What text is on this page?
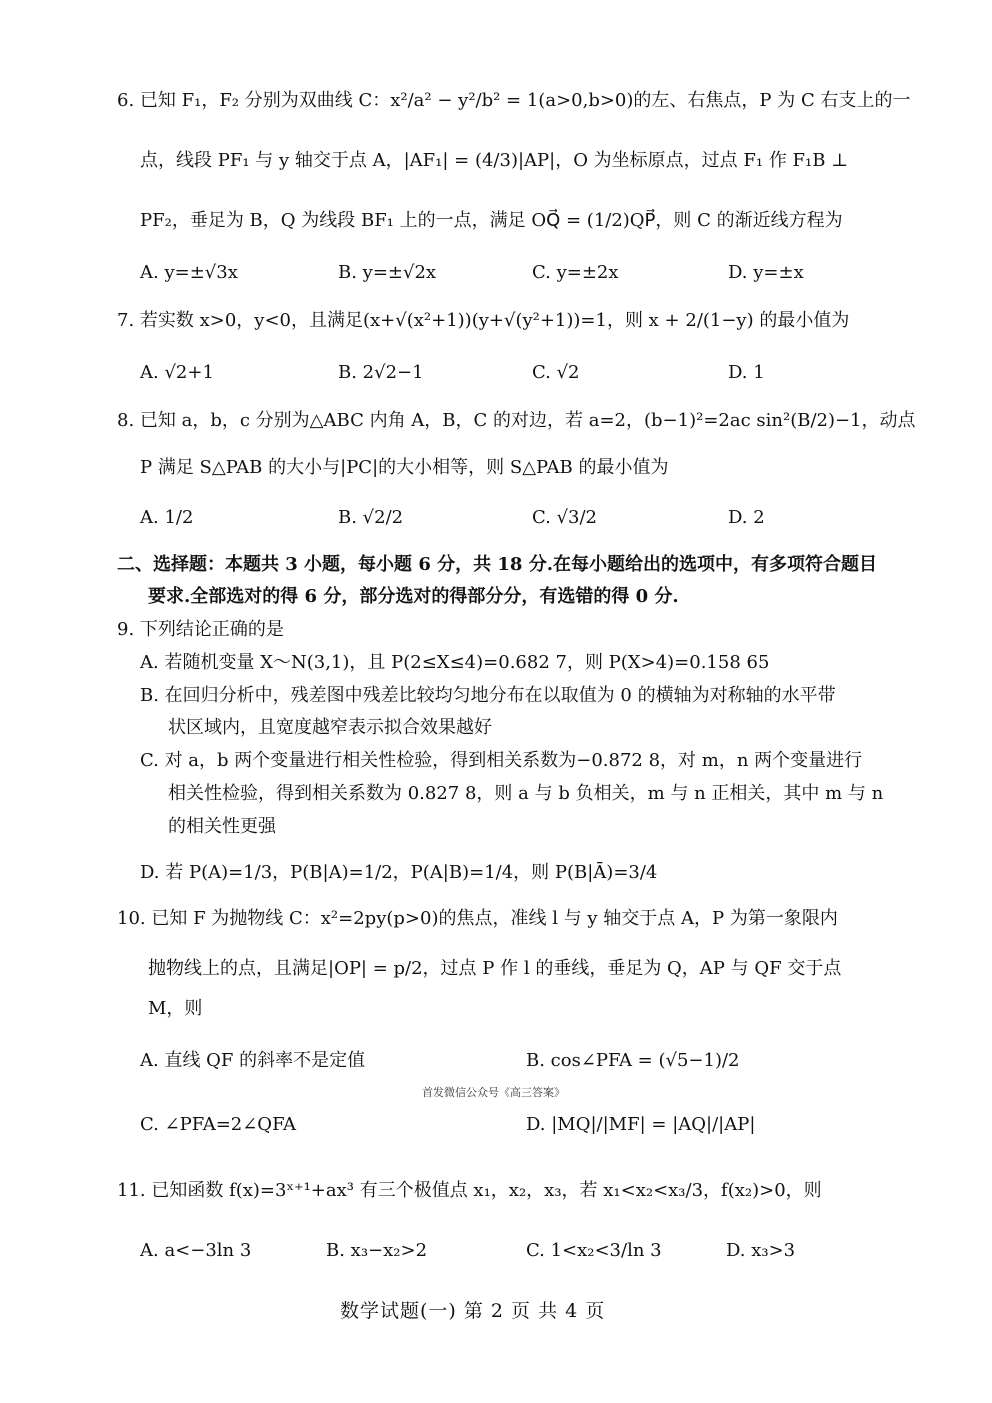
6. 已知 F₁，F₂ 分别为双曲线 C：x²/a² − y²/b² = 1(a>0,b>0)的左、右焦点，P 为 C 右支上的一
点，线段 PF₁ 与 y 轴交于点 A，|AF₁| = (4/3)|AP|，O 为坐标原点，过点 F₁ 作 F₁B ⊥
PF₂，垂足为 B，Q 为线段 BF₁ 上的一点，满足 OQ⃗ = (1/2)QP⃗，则 C 的渐近线方程为
A. y=±√3x	B. y=±√2x	C. y=±2x	D. y=±x
7. 若实数 x>0，y<0，且满足(x+√(x²+1))(y+√(y²+1))=1，则 x + 2/(1−y) 的最小值为
A. √2+1	B. 2√2−1	C. √2	D. 1
8. 已知 a，b，c 分别为△ABC 内角 A，B，C 的对边，若 a=2，(b−1)²=2ac sin²(B/2)−1，动点
P 满足 S△PAB 的大小与|PC|的大小相等，则 S△PAB 的最小值为
A. 1/2	B. √2/2	C. √3/2	D. 2
二、选择题：本题共 3 小题，每小题 6 分，共 18 分.在每小题给出的选项中，有多项符合题目
要求.全部选对的得 6 分，部分选对的得部分分，有选错的得 0 分.
9. 下列结论正确的是
A. 若随机变量 X～N(3,1)，且 P(2≤X≤4)=0.682 7，则 P(X>4)=0.158 65
B. 在回归分析中，残差图中残差比较均匀地分布在以取值为 0 的横轴为对称轴的水平带
状区域内，且宽度越窄表示拟合效果越好
C. 对 a，b 两个变量进行相关性检验，得到相关系数为−0.872 8，对 m，n 两个变量进行
相关性检验，得到相关系数为 0.827 8，则 a 与 b 负相关，m 与 n 正相关，其中 m 与 n
的相关性更强
D. 若 P(A)=1/3，P(B|A)=1/2，P(A|B)=1/4，则 P(B|Ā)=3/4
10. 已知 F 为抛物线 C：x²=2py(p>0)的焦点，准线 l 与 y 轴交于点 A，P 为第一象限内
抛物线上的点，且满足|OP| = p/2，过点 P 作 l 的垂线，垂足为 Q，AP 与 QF 交于点
M，则
A. 直线 QF 的斜率不是定值	B. cos∠PFA = (√5−1)/2
首发微信公众号《高三答案》
C. ∠PFA=2∠QFA	D. |MQ|/|MF| = |AQ|/|AP|
11. 已知函数 f(x)=3ˣ⁺¹+ax³ 有三个极值点 x₁，x₂，x₃，若 x₁<x₂<x₃/3，f(x₂)>0，则
A. a<−3ln 3	B. x₃−x₂>2	C. 1<x₂<3/ln 3	D. x₃>3
数学试题(一) 第 2 页 共 4 页
